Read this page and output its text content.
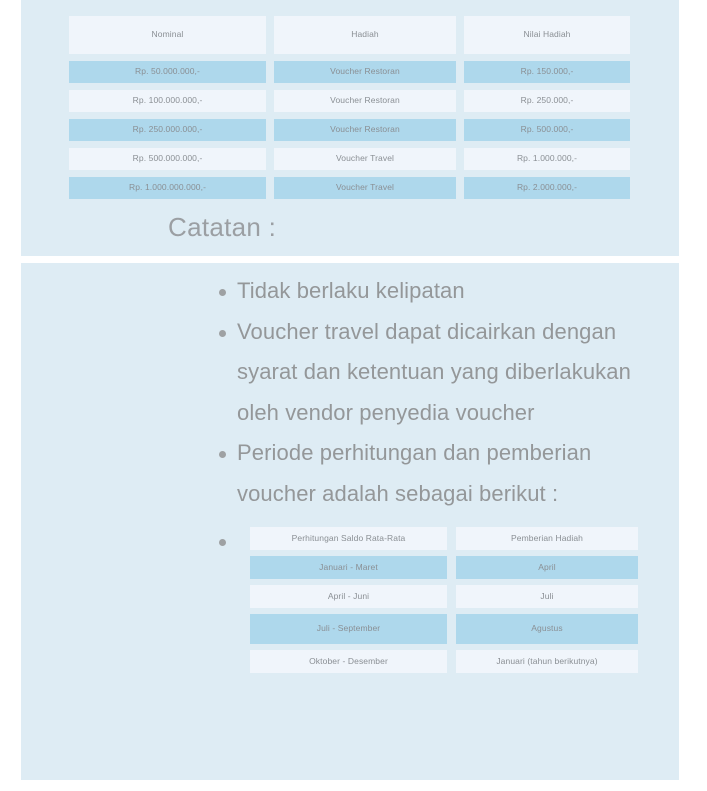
Nominal	Hadiah	Nilai Hadiah
Rp. 50.000.000,-	Voucher Restoran	Rp. 150.000,-
Rp. 100.000.000,-	Voucher Restoran	Rp. 250.000,-
Rp. 250.000.000,-	Voucher Restoran	Rp. 500.000,-
Rp. 500.000.000,-	Voucher Travel	Rp. 1.000.000,-
Rp. 1.000.000.000,-	Voucher Travel	Rp. 2.000.000,-
Catatan :
Tidak berlaku kelipatan
Voucher travel dapat dicairkan dengan syarat dan ketentuan yang diberlakukan oleh vendor penyedia voucher
Periode perhitungan dan pemberian voucher adalah sebagai berikut :
Perhitungan Saldo Rata-Rata	Pemberian Hadiah
Januari - Maret	April
April - Juni	Juli
Juli - September	Agustus
Oktober - Desember	Januari (tahun berikutnya)
